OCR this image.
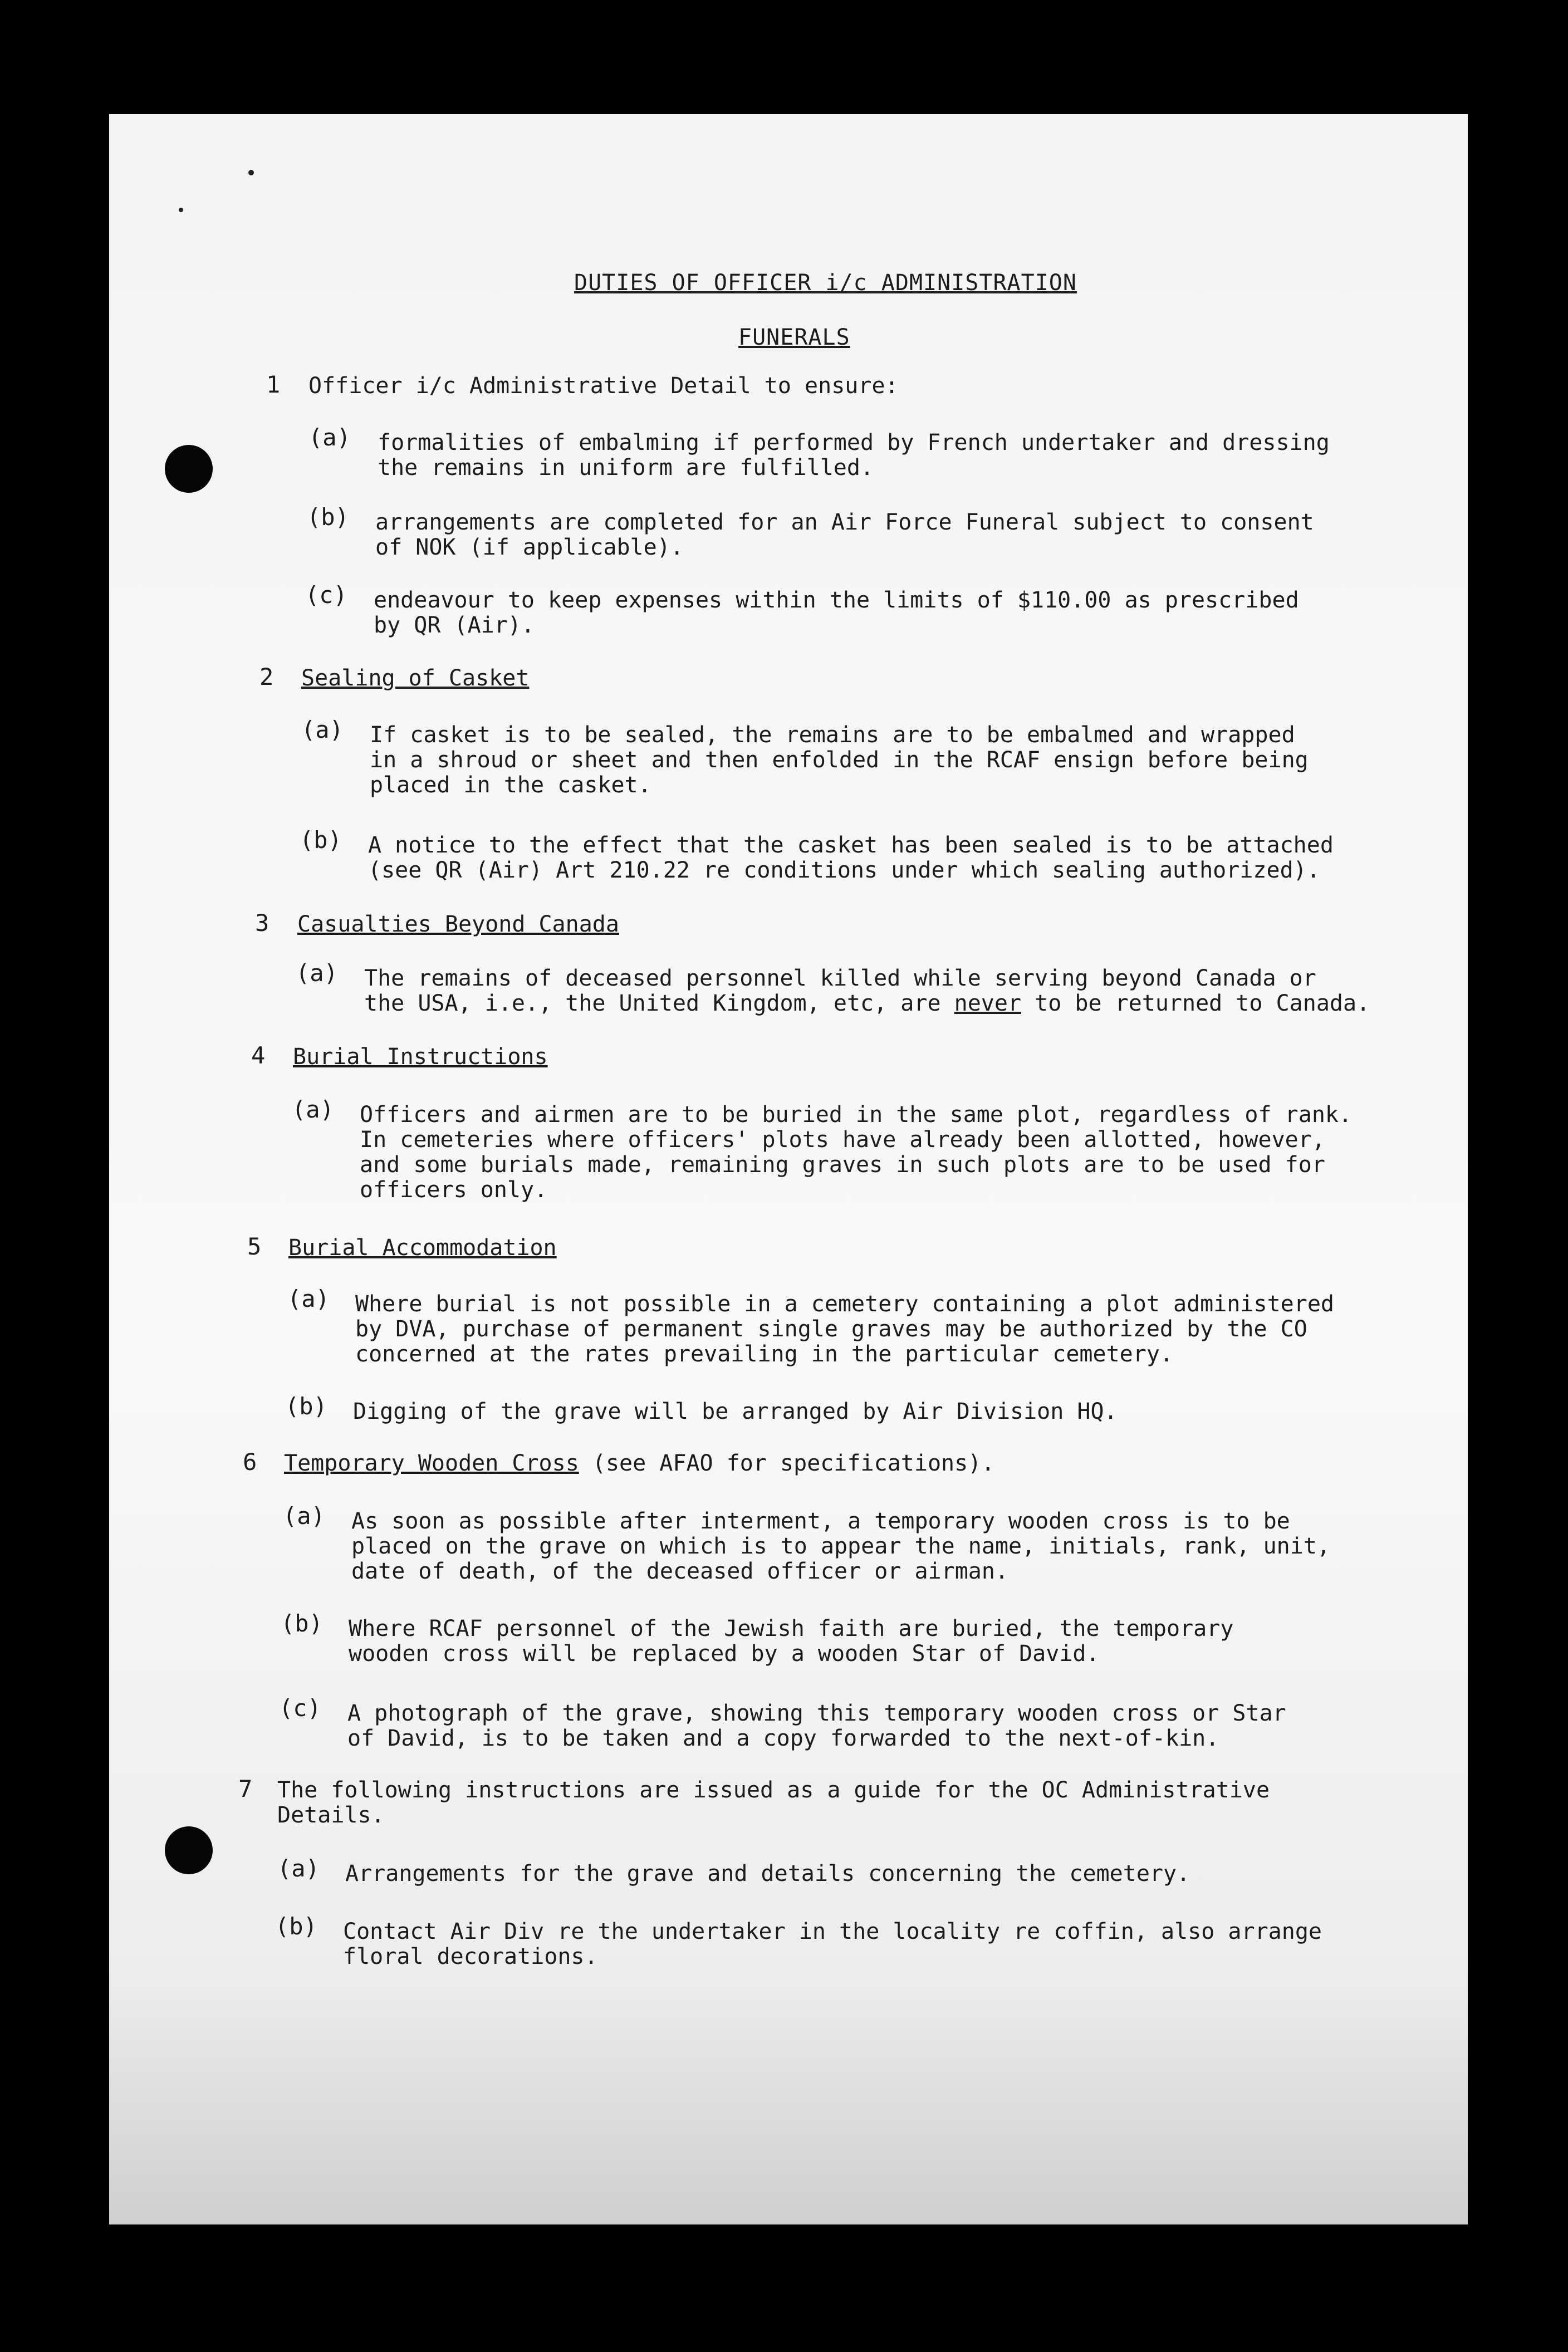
DUTIES OF OFFICER i/c ADMINISTRATION
FUNERALS
1 Officer i/c Administrative Detail to ensure:
(a) formalities of embalming if performed by French undertaker and dressing
the remains in uniform are fulfilled.
(b) arrangements are completed for an Air Force Funeral subject to consent
of NOK (if applicable).
(c) endeavour to keep expenses within the limits of $110.00 as prescribed
by QR (Air).
2 Sealing of Casket
(a) If casket is to be sealed, the remains are to be embalmed and wrapped
in a shroud or sheet and then enfolded in the RCAF ensign before being
placed in the casket.
(b) A notice to the effect that the casket has been sealed is to be attached
(see QR (Air) Art 210.22 re conditions under which sealing authorized).
3 Casualties Beyond Canada
(a) The remains of deceased personnel killed while serving beyond Canada or
the USA, i.e., the United Kingdom, etc, are never to be returned to Canada.
4 Burial Instructions
(a) Officers and airmen are to be buried in the same plot, regardless of rank.
In cemeteries where officers' plots have already been allotted, however,
and some burials made, remaining graves in such plots are to be used for
officers only.
5 Burial Accommodation
(a) Where burial is not possible in a cemetery containing a plot administered
by DVA, purchase of permanent single graves may be authorized by the CO
concerned at the rates prevailing in the particular cemetery.
(b) Digging of the grave will be arranged by Air Division HQ.
6 Temporary Wooden Cross (see AFAO for specifications).
(a) As soon as possible after interment, a temporary wooden cross is to be
placed on the grave on which is to appear the name, initials, rank, unit,
date of death, of the deceased officer or airman.
(b) Where RCAF personnel of the Jewish faith are buried, the temporary
wooden cross will be replaced by a wooden Star of David.
(c) A photograph of the grave, showing this temporary wooden cross or Star
of David, is to be taken and a copy forwarded to the next-of-kin.
7 The following instructions are issued as a guide for the OC Administrative
Details.
(a) Arrangements for the grave and details concerning the cemetery.
(b) Contact Air Div re the undertaker in the locality re coffin, also arrange
floral decorations.
